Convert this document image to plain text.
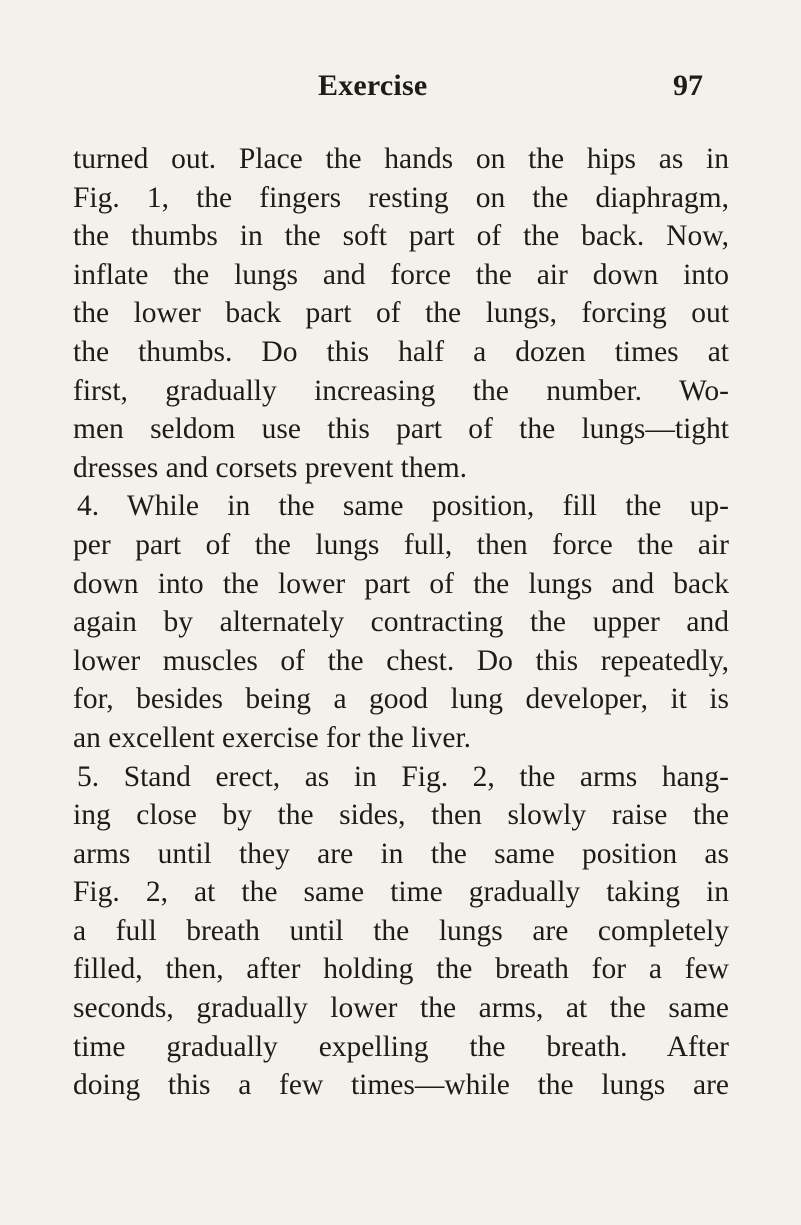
Exercise	97
turned out. Place the hands on the hips as in
Fig. 1, the fingers resting on the diaphragm,
the thumbs in the soft part of the back. Now,
inflate the lungs and force the air down into
the lower back part of the lungs, forcing out
the thumbs. Do this half a dozen times at
first, gradually increasing the number. Wo-
men seldom use this part of the lungs—tight
dresses and corsets prevent them.
4. While in the same position, fill the up-
per part of the lungs full, then force the air
down into the lower part of the lungs and back
again by alternately contracting the upper and
lower muscles of the chest. Do this repeatedly,
for, besides being a good lung developer, it is
an excellent exercise for the liver.
5. Stand erect, as in Fig. 2, the arms hang-
ing close by the sides, then slowly raise the
arms until they are in the same position as
Fig. 2, at the same time gradually taking in
a full breath until the lungs are completely
filled, then, after holding the breath for a few
seconds, gradually lower the arms, at the same
time gradually expelling the breath. After
doing this a few times—while the lungs are
